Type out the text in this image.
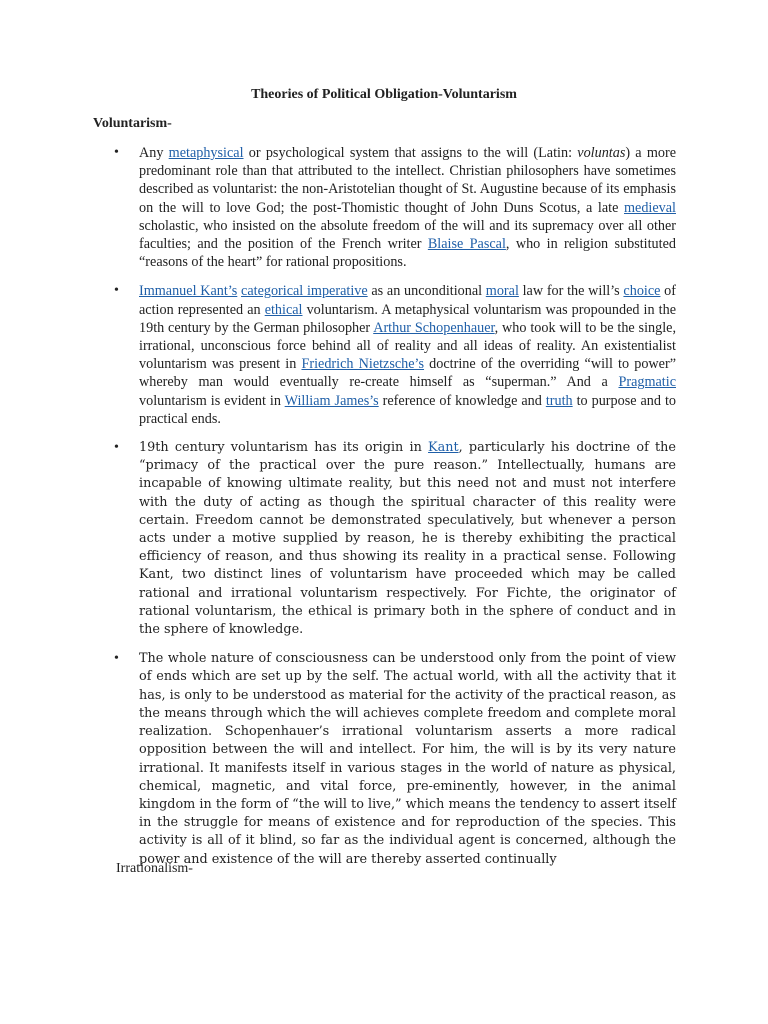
Theories of Political Obligation-Voluntarism
Voluntarism-
• Any metaphysical or psychological system that assigns to the will (Latin: voluntas) a more predominant role than that attributed to the intellect. Christian philosophers have sometimes described as voluntarist: the non-Aristotelian thought of St. Augustine because of its emphasis on the will to love God; the post-Thomistic thought of John Duns Scotus, a late medieval scholastic, who insisted on the absolute freedom of the will and its supremacy over all other faculties; and the position of the French writer Blaise Pascal, who in religion substituted “reasons of the heart” for rational propositions.
• Immanuel Kant’s categorical imperative as an unconditional moral law for the will’s choice of action represented an ethical voluntarism. A metaphysical voluntarism was propounded in the 19th century by the German philosopher Arthur Schopenhauer, who took will to be the single, irrational, unconscious force behind all of reality and all ideas of reality. An existentialist voluntarism was present in Friedrich Nietzsche’s doctrine of the overriding “will to power” whereby man would eventually re-create himself as “superman.” And a Pragmatic voluntarism is evident in William James’s reference of knowledge and truth to purpose and to practical ends.
• 19th century voluntarism has its origin in Kant, particularly his doctrine of the “primacy of the practical over the pure reason.” Intellectually, humans are incapable of knowing ultimate reality, but this need not and must not interfere with the duty of acting as though the spiritual character of this reality were certain. Freedom cannot be demonstrated speculatively, but whenever a person acts under a motive supplied by reason, he is thereby exhibiting the practical efficiency of reason, and thus showing its reality in a practical sense. Following Kant, two distinct lines of voluntarism have proceeded which may be called rational and irrational voluntarism respectively. For Fichte, the originator of rational voluntarism, the ethical is primary both in the sphere of conduct and in the sphere of knowledge.
• The whole nature of consciousness can be understood only from the point of view of ends which are set up by the self. The actual world, with all the activity that it has, is only to be understood as material for the activity of the practical reason, as the means through which the will achieves complete freedom and complete moral realization. Schopenhauer’s irrational voluntarism asserts a more radical opposition between the will and intellect. For him, the will is by its very nature irrational. It manifests itself in various stages in the world of nature as physical, chemical, magnetic, and vital force, pre-eminently, however, in the animal kingdom in the form of “the will to live,” which means the tendency to assert itself in the struggle for means of existence and for reproduction of the species. This activity is all of it blind, so far as the individual agent is concerned, although the power and existence of the will are thereby asserted continually
Irrationalism-
